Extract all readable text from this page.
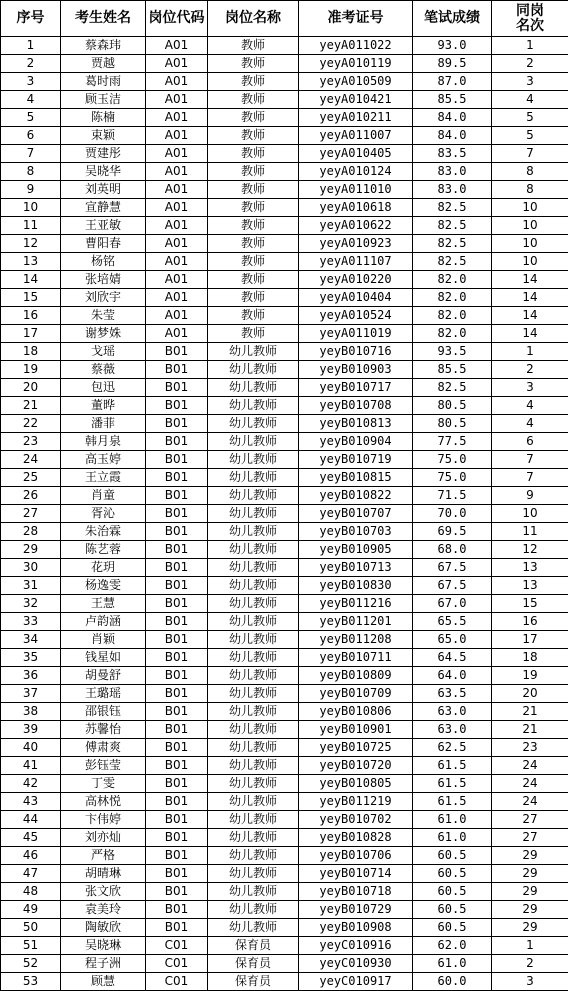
序号	考生姓名	岗位代码	岗位名称	准考证号	笔试成绩	同岗名次
1	蔡森玮	A01	教师	yeyA011022	93.0	1
2	贾越	A01	教师	yeyA010119	89.5	2
3	葛时雨	A01	教师	yeyA010509	87.0	3
4	顾玉洁	A01	教师	yeyA010421	85.5	4
5	陈楠	A01	教师	yeyA010211	84.0	5
6	束颖	A01	教师	yeyA011007	84.0	5
7	贾建彤	A01	教师	yeyA010405	83.5	7
8	吴晓华	A01	教师	yeyA010124	83.0	8
9	刘英明	A01	教师	yeyA011010	83.0	8
10	宣静慧	A01	教师	yeyA010618	82.5	10
11	王亚敏	A01	教师	yeyA010622	82.5	10
12	曹阳春	A01	教师	yeyA010923	82.5	10
13	杨铭	A01	教师	yeyA011107	82.5	10
14	张培婧	A01	教师	yeyA010220	82.0	14
15	刘欣宇	A01	教师	yeyA010404	82.0	14
16	朱莹	A01	教师	yeyA010524	82.0	14
17	谢梦姝	A01	教师	yeyA011019	82.0	14
18	戈瑶	B01	幼儿教师	yeyB010716	93.5	1
19	蔡薇	B01	幼儿教师	yeyB010903	85.5	2
20	包迅	B01	幼儿教师	yeyB010717	82.5	3
21	董晔	B01	幼儿教师	yeyB010708	80.5	4
22	潘菲	B01	幼儿教师	yeyB010813	80.5	4
23	韩月泉	B01	幼儿教师	yeyB010904	77.5	6
24	高玉婷	B01	幼儿教师	yeyB010719	75.0	7
25	王立霞	B01	幼儿教师	yeyB010815	75.0	7
26	肖童	B01	幼儿教师	yeyB010822	71.5	9
27	胥沁	B01	幼儿教师	yeyB010707	70.0	10
28	朱治霖	B01	幼儿教师	yeyB010703	69.5	11
29	陈艺蓉	B01	幼儿教师	yeyB010905	68.0	12
30	花玥	B01	幼儿教师	yeyB010713	67.5	13
31	杨逸雯	B01	幼儿教师	yeyB010830	67.5	13
32	王慧	B01	幼儿教师	yeyB011216	67.0	15
33	卢韵涵	B01	幼儿教师	yeyB011201	65.5	16
34	肖颖	B01	幼儿教师	yeyB011208	65.0	17
35	钱星如	B01	幼儿教师	yeyB010711	64.5	18
36	胡曼舒	B01	幼儿教师	yeyB010809	64.0	19
37	王璐瑶	B01	幼儿教师	yeyB010709	63.5	20
38	邵银钰	B01	幼儿教师	yeyB010806	63.0	21
39	苏馨怡	B01	幼儿教师	yeyB010901	63.0	21
40	傅肃爽	B01	幼儿教师	yeyB010725	62.5	23
41	彭钰莹	B01	幼儿教师	yeyB010720	61.5	24
42	丁雯	B01	幼儿教师	yeyB010805	61.5	24
43	高林悦	B01	幼儿教师	yeyB011219	61.5	24
44	卞伟婷	B01	幼儿教师	yeyB010702	61.0	27
45	刘亦灿	B01	幼儿教师	yeyB010828	61.0	27
46	严格	B01	幼儿教师	yeyB010706	60.5	29
47	胡晴琳	B01	幼儿教师	yeyB010714	60.5	29
48	张文欣	B01	幼儿教师	yeyB010718	60.5	29
49	袁美玲	B01	幼儿教师	yeyB010729	60.5	29
50	陶敏欣	B01	幼儿教师	yeyB010908	60.5	29
51	吴晓琳	C01	保育员	yeyC010916	62.0	1
52	程子洲	C01	保育员	yeyC010930	61.0	2
53	顾慧	C01	保育员	yeyC010917	60.0	3
